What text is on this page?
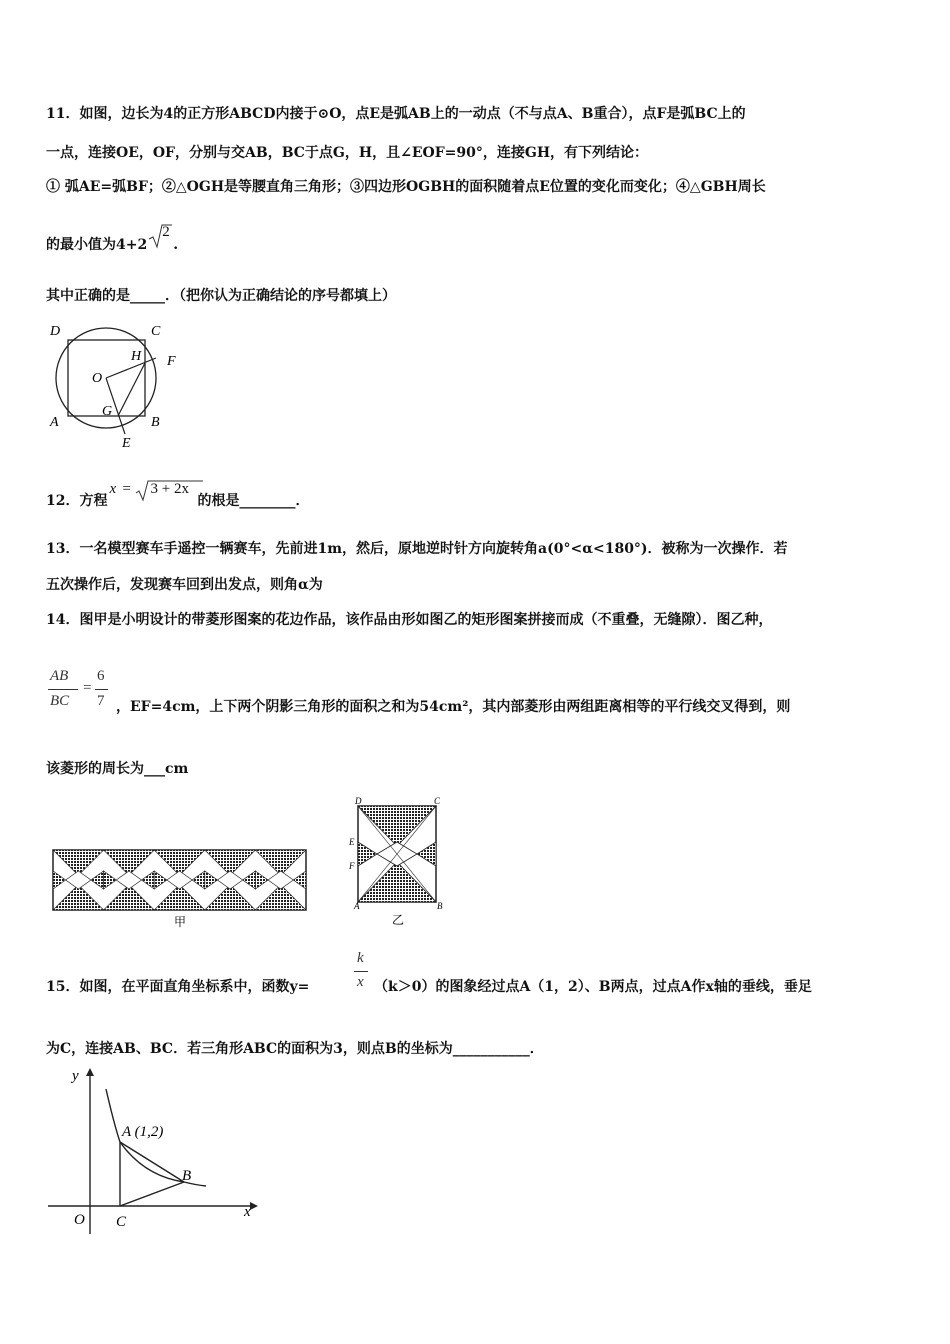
11．如图，边长为4的正方形ABCD内接于⊙O，点E是弧AB上的一动点（不与点A、B重合），点F是弧BC上的
一点，连接OE，OF，分别与交AB，BC于点G，H，且∠EOF=90°，连接GH，有下列结论：
① 弧AE=弧BF；②△OGH是等腰直角三角形；③四边形OGBH的面积随着点E位置的变化而变化；④△GBH周长
的最小值为4+2
2
.
其中正确的是_____．（把你认为正确结论的序号都填上）
D	C
H F
O
G
A	B
E
12．方程
x = 3 + 2x
的根是________．
13．一名模型赛车手遥控一辆赛车，先前进1m，然后，原地逆时针方向旋转角a(0°<α<180°)．被称为一次操作．若
五次操作后，发现赛车回到出发点，则角α为
14．图甲是小明设计的带菱形图案的花边作品，该作品由形如图乙的矩形图案拼接而成（不重叠，无缝隙）．图乙种，
AB
BC
=
6
7 ，EF=4cm，上下两个阴影三角形的面积之和为54cm²，其内部菱形由两组距离相等的平行线交叉得到，则
该菱形的周长为___cm
甲
D	C
E
F
A	B
乙
k
x
15．如图，在平面直角坐标系中，函数y=	（k＞0）的图象经过点A（1，2）、B两点，过点A作x轴的垂线，垂足
为C，连接AB、BC．若三角形ABC的面积为3，则点B的坐标为___________．
y
x
O C
A (1,2)
B
